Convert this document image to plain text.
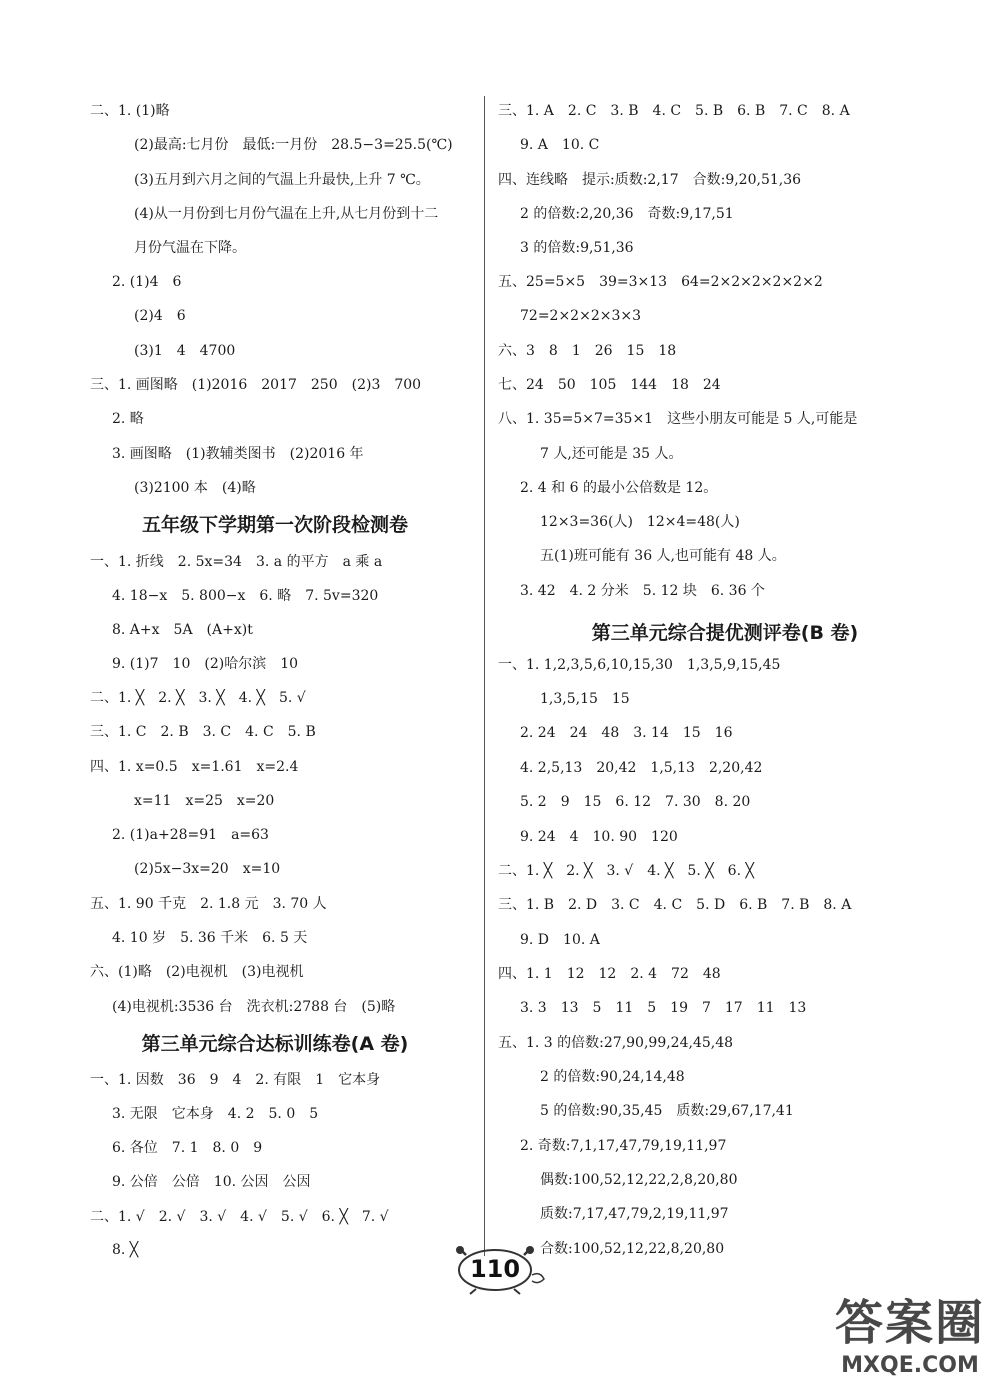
二、1. (1)略
(2)最高:七月份　最低:一月份　28.5−3=25.5(℃)
(3)五月到六月之间的气温上升最快,上升 7 ℃。
(4)从一月份到七月份气温在上升,从七月份到十二
月份气温在下降。
2. (1)4　6
(2)4　6
(3)1　4　4700
三、1. 画图略　(1)2016　2017　250　(2)3　700
2. 略
3. 画图略　(1)教辅类图书　(2)2016 年
(3)2100 本　(4)略
一、1. 折线　2. 5x=34　3. a 的平方　a 乘 a
4. 18−x　5. 800−x　6. 略　7. 5v=320
8. A+x　5A　(A+x)t
9. (1)7　10　(2)哈尔滨　10
二、1. ╳　2. ╳　3. ╳　4. ╳　5. √
三、1. C　2. B　3. C　4. C　5. B
四、1. x=0.5　x=1.61　x=2.4
x=11　x=25　x=20
2. (1)a+28=91　a=63
(2)5x−3x=20　x=10
五、1. 90 千克　2. 1.8 元　3. 70 人
4. 10 岁　5. 36 千米　6. 5 天
六、(1)略　(2)电视机　(3)电视机
(4)电视机:3536 台　洗衣机:2788 台　(5)略
一、1. 因数　36　9　4　2. 有限　1　它本身
3. 无限　它本身　4. 2　5. 0　5
6. 各位　7. 1　8. 0　9
9. 公倍　公倍　10. 公因　公因
二、1. √　2. √　3. √　4. √　5. √　6. ╳　7. √
8. ╳
五年级下学期第一次阶段检测卷
第三单元综合达标训练卷(A 卷)
三、1. A　2. C　3. B　4. C　5. B　6. B　7. C　8. A
9. A　10. C
四、连线略　提示:质数:2,17　合数:9,20,51,36
2 的倍数:2,20,36　奇数:9,17,51
3 的倍数:9,51,36
五、25=5×5　39=3×13　64=2×2×2×2×2×2
72=2×2×2×3×3
六、3　8　1　26　15　18
七、24　50　105　144　18　24
八、1. 35=5×7=35×1　这些小朋友可能是 5 人,可能是
7 人,还可能是 35 人。
2. 4 和 6 的最小公倍数是 12。
12×3=36(人)　12×4=48(人)
五(1)班可能有 36 人,也可能有 48 人。
3. 42　4. 2 分米　5. 12 块　6. 36 个
一、1. 1,2,3,5,6,10,15,30　1,3,5,9,15,45
1,3,5,15　15
2. 24　24　48　3. 14　15　16
4. 2,5,13　20,42　1,5,13　2,20,42
5. 2　9　15　6. 12　7. 30　8. 20
9. 24　4　10. 90　120
二、1. ╳　2. ╳　3. √　4. ╳　5. ╳　6. ╳
三、1. B　2. D　3. C　4. C　5. D　6. B　7. B　8. A
9. D　10. A
四、1. 1　12　12　2. 4　72　48
3. 3　13　5　11　5　19　7　17　11　13
五、1. 3 的倍数:27,90,99,24,45,48
2 的倍数:90,24,14,48
5 的倍数:90,35,45　质数:29,67,17,41
2. 奇数:7,1,17,47,79,19,11,97
偶数:100,52,12,22,2,8,20,80
质数:7,17,47,79,2,19,11,97
合数:100,52,12,22,8,20,80
第三单元综合提优测评卷(B 卷)
110
答案圈
MXQE.COM
